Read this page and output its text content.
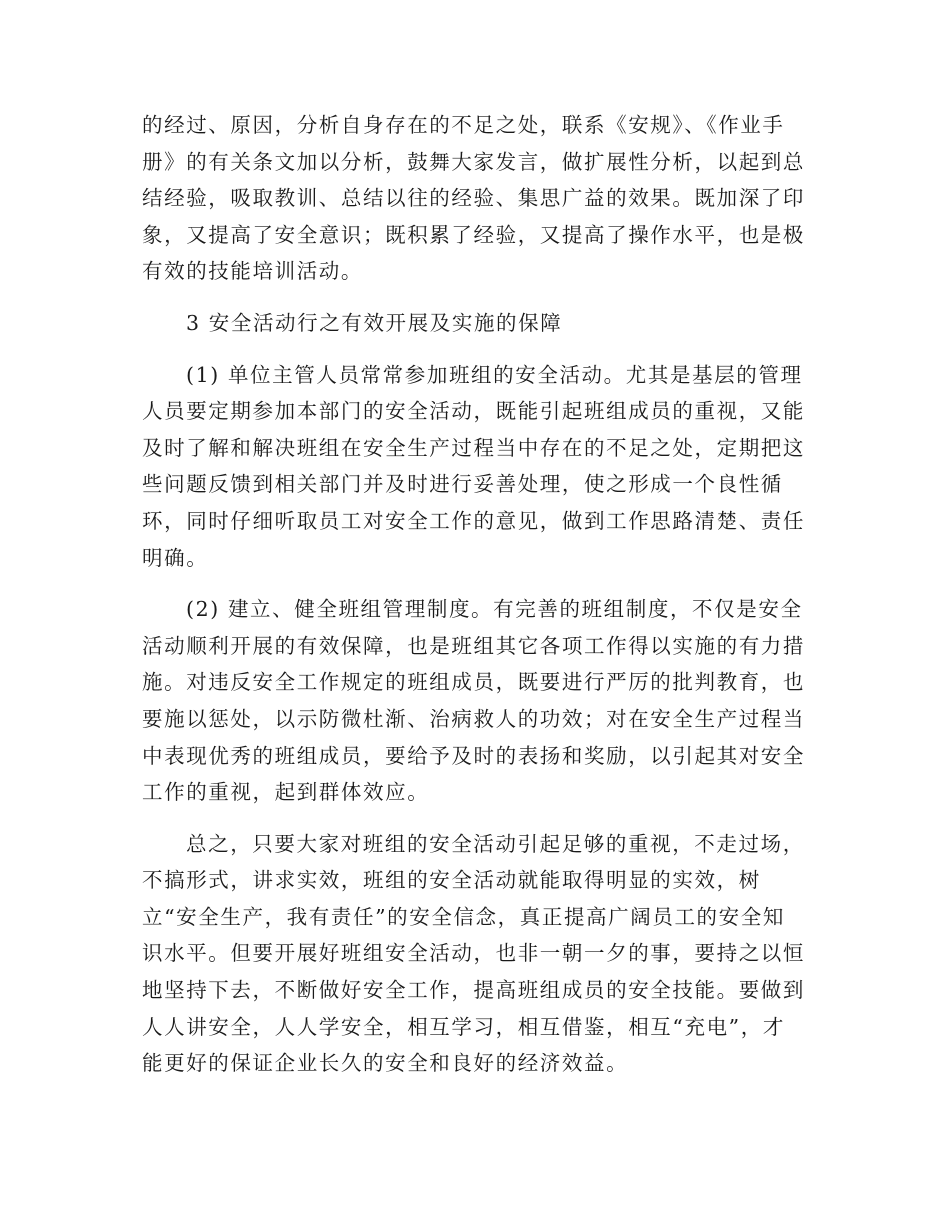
的经过、原因，分析自身存在的不足之处，联系《安规》、《作业手
册》的有关条文加以分析，鼓舞大家发言，做扩展性分析，以起到总
结经验，吸取教训、总结以往的经验、集思广益的效果。既加深了印
象，又提高了安全意识；既积累了经验，又提高了操作水平，也是极
有效的技能培训活动。
3 安全活动行之有效开展及实施的保障
(1) 单位主管人员常常参加班组的安全活动。尤其是基层的管理
人员要定期参加本部门的安全活动，既能引起班组成员的重视，又能
及时了解和解决班组在安全生产过程当中存在的不足之处，定期把这
些问题反馈到相关部门并及时进行妥善处理，使之形成一个良性循
环，同时仔细听取员工对安全工作的意见，做到工作思路清楚、责任
明确。
(2) 建立、健全班组管理制度。有完善的班组制度，不仅是安全
活动顺利开展的有效保障，也是班组其它各项工作得以实施的有力措
施。对违反安全工作规定的班组成员，既要进行严厉的批判教育，也
要施以惩处，以示防微杜渐、治病救人的功效；对在安全生产过程当
中表现优秀的班组成员，要给予及时的表扬和奖励，以引起其对安全
工作的重视，起到群体效应。
总之，只要大家对班组的安全活动引起足够的重视，不走过场，
不搞形式，讲求实效，班组的安全活动就能取得明显的实效，树
立“安全生产，我有责任”的安全信念，真正提高广阔员工的安全知
识水平。但要开展好班组安全活动，也非一朝一夕的事，要持之以恒
地坚持下去，不断做好安全工作，提高班组成员的安全技能。要做到
人人讲安全，人人学安全，相互学习，相互借鉴，相互“充电”，才
能更好的保证企业长久的安全和良好的经济效益。
